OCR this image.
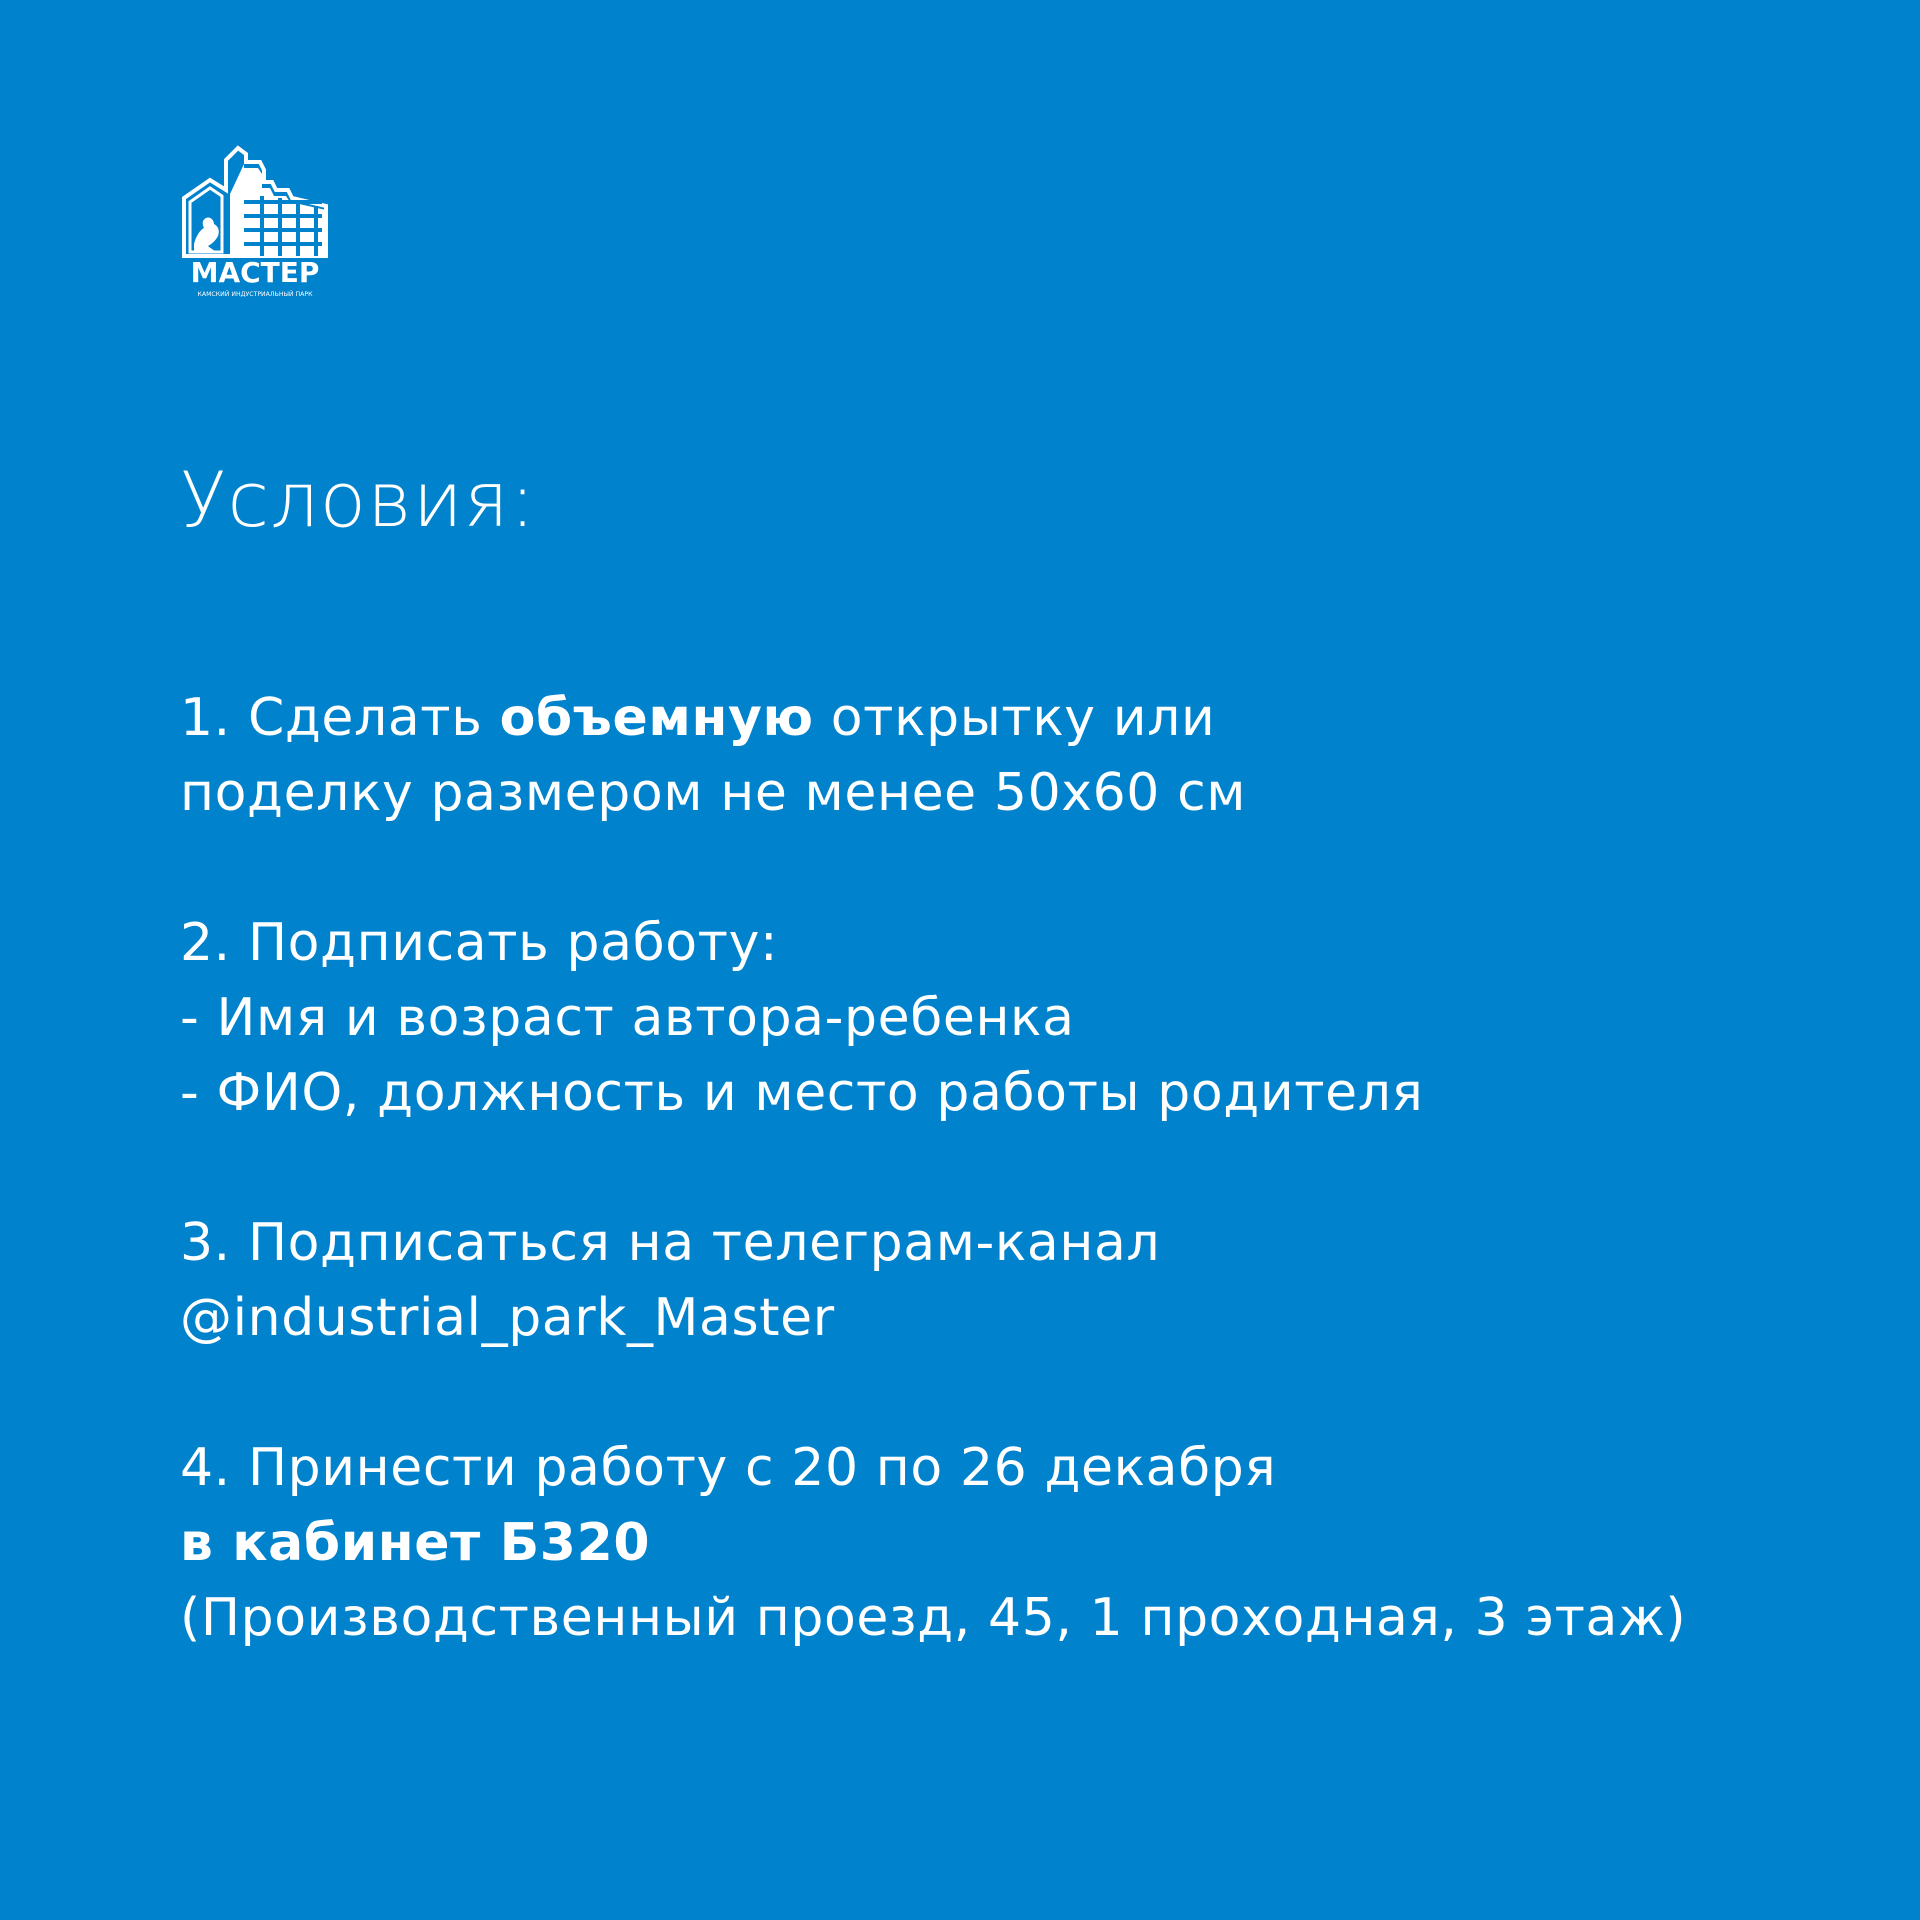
МАСТЕР
КАМСКИЙ ИНДУСТРИАЛЬНЫЙ ПАРК
Условия:
1. Сделать объемную открытку или
поделку размером не менее 50x60 см
2. Подписать работу:
- Имя и возраст автора-ребенка
- ФИО, должность и место работы родителя
3. Подписаться на телеграм-канал
@industrial_park_Master
4. Принести работу с 20 по 26 декабря
в кабинет Б320
(Производственный проезд, 45, 1 проходная, 3 этаж)
